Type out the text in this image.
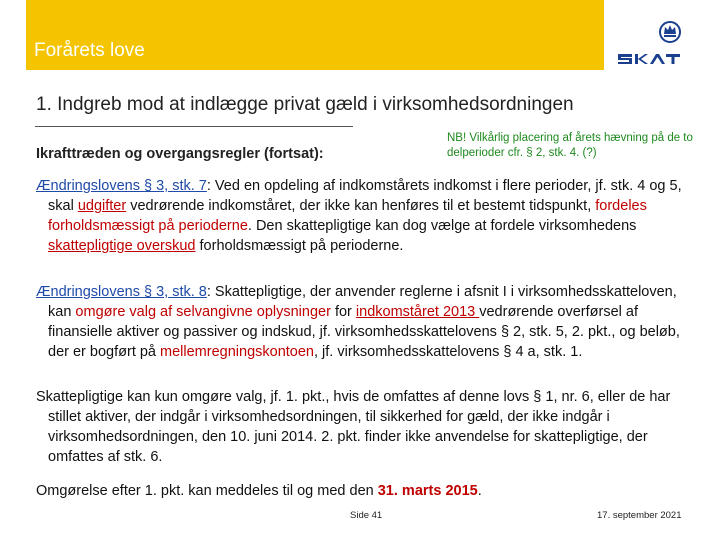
Forårets love
1. Indgreb mod at indlægge privat gæld i virksomhedsordningen
Ikrafttræden og overgangsregler (fortsat):
NB! Vilkårlig placering af årets hævning på de to delperioder cfr. § 2, stk. 4. (?)
Ændringslovens § 3, stk. 7: Ved en opdeling af indkomstårets indkomst i flere perioder, jf. stk. 4 og 5, skal udgifter vedrørende indkomståret, der ikke kan henføres til et bestemt tidspunkt, fordeles forholdsmæssigt på perioderne. Den skattepligtige kan dog vælge at fordele virksomhedens skattepligtige overskud forholdsmæssigt på perioderne.
Ændringslovens § 3, stk. 8: Skattepligtige, der anvender reglerne i afsnit I i virksomhedsskatteloven, kan omgøre valg af selvangivne oplysninger for indkomståret 2013 vedrørende overførsel af finansielle aktiver og passiver og indskud, jf. virksomhedsskattelovens § 2, stk. 5, 2. pkt., og beløb, der er bogført på mellemregningskontoen, jf. virksomhedsskattelovens § 4 a, stk. 1.
Skattepligtige kan kun omgøre valg, jf. 1. pkt., hvis de omfattes af denne lovs § 1, nr. 6, eller de har stillet aktiver, der indgår i virksomhedsordningen, til sikkerhed for gæld, der ikke indgår i virksomhedsordningen, den 10. juni 2014. 2. pkt. finder ikke anvendelse for skattepligtige, der omfattes af stk. 6.
Omgørelse efter 1. pkt. kan meddeles til og med den 31. marts 2015.
Side 41	17. september 2021
